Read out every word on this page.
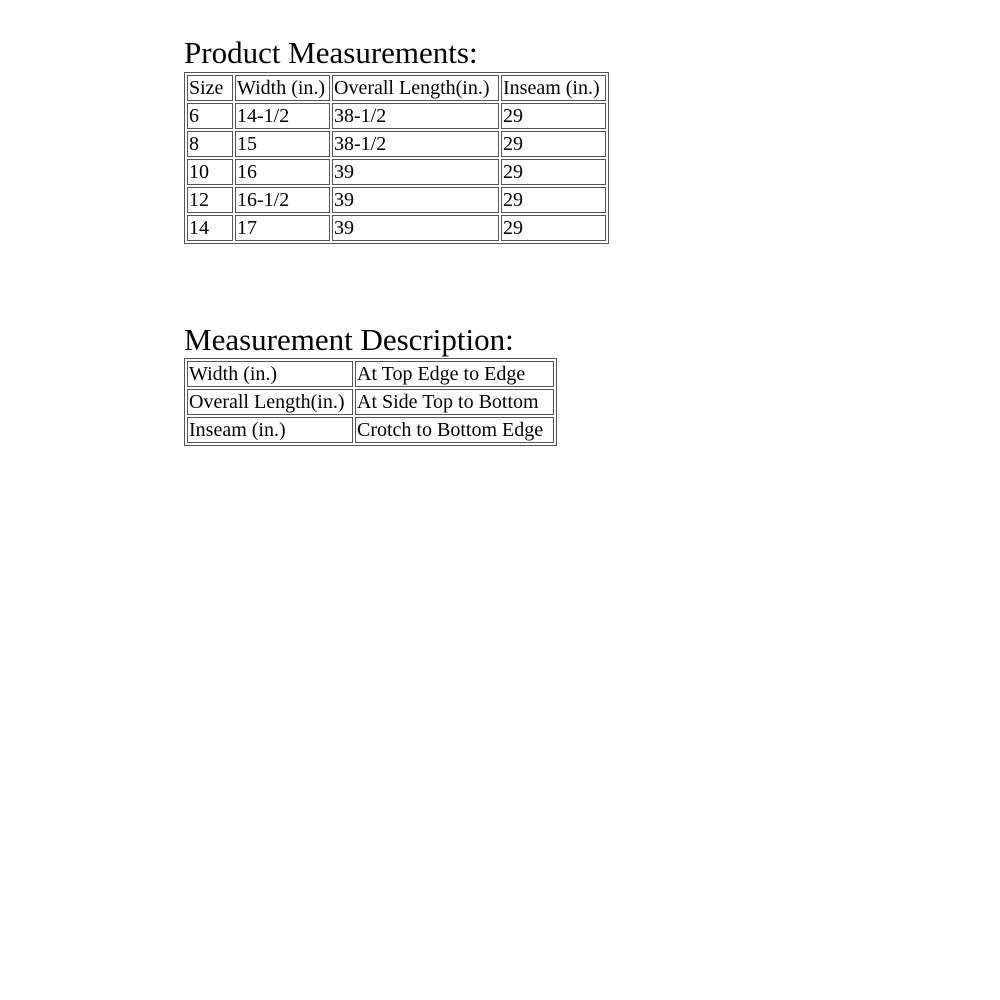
Product Measurements:
Size	Width (in.)	Overall Length(in.)	Inseam (in.)
6	14-1/2	38-1/2	29
8	15	38-1/2	29
10	16	39	29
12	16-1/2	39	29
14	17	39	29
Measurement Description:
Width (in.)	At Top Edge to Edge
Overall Length(in.)	At Side Top to Bottom
Inseam (in.)	Crotch to Bottom Edge
